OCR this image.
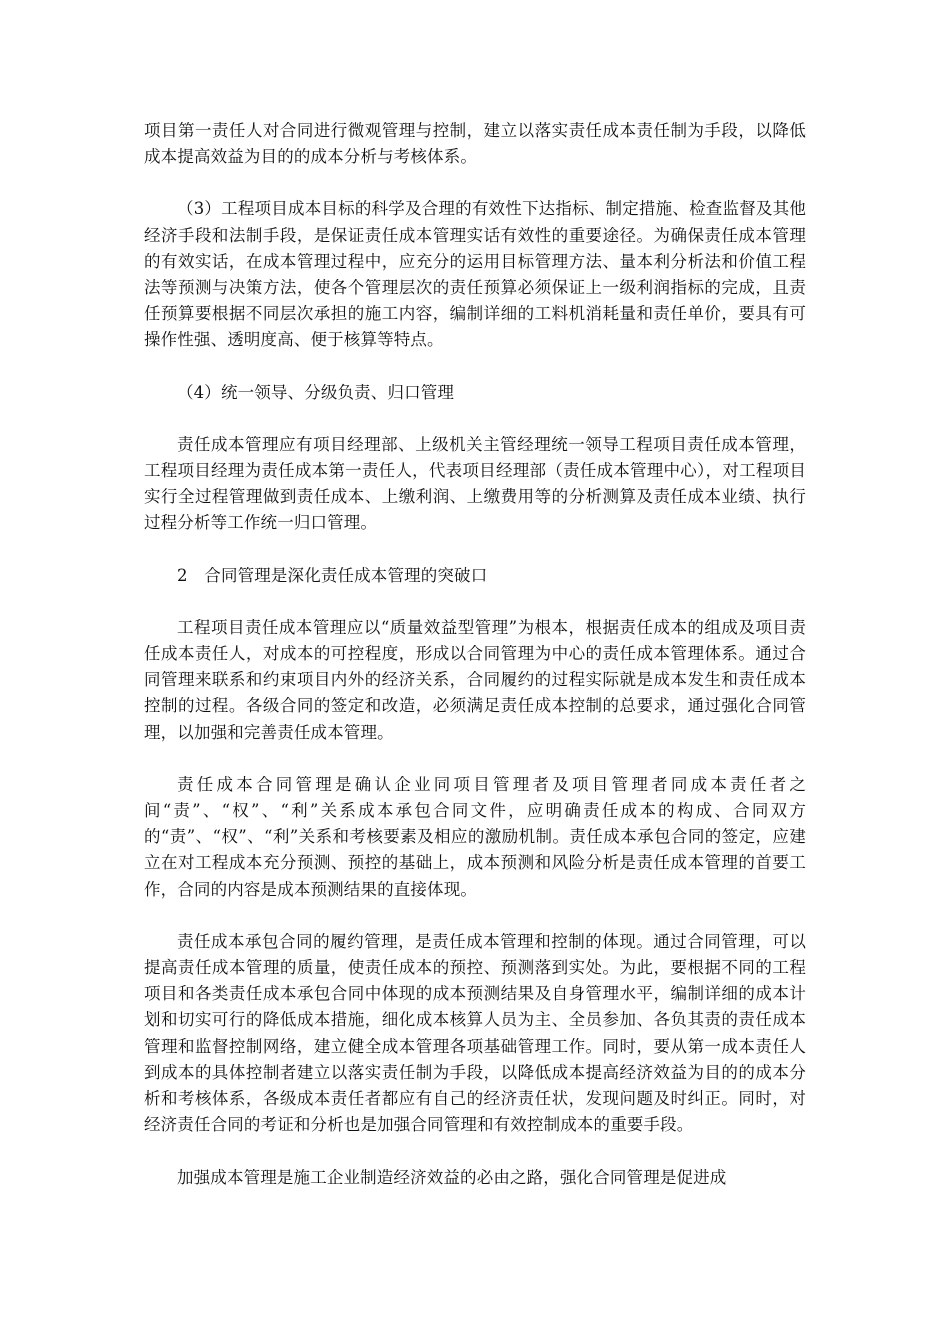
项目第一责任人对合同进行微观管理与控制，建立以落实责任成本责任制为手段，以降低成本提高效益为目的的成本分析与考核体系。

（3）工程项目成本目标的科学及合理的有效性下达指标、制定措施、检查监督及其他经济手段和法制手段，是保证责任成本管理实话有效性的重要途径。为确保责任成本管理的有效实话，在成本管理过程中，应充分的运用目标管理方法、量本利分析法和价值工程法等预测与决策方法，使各个管理层次的责任预算必须保证上一级利润指标的完成，且责任预算要根据不同层次承担的施工内容，编制详细的工料机消耗量和责任单价，要具有可操作性强、透明度高、便于核算等特点。

（4）统一领导、分级负责、归口管理

责任成本管理应有项目经理部、上级机关主管经理统一领导工程项目责任成本管理，工程项目经理为责任成本第一责任人，代表项目经理部（责任成本管理中心），对工程项目实行全过程管理做到责任成本、上缴利润、上缴费用等的分析测算及责任成本业绩、执行过程分析等工作统一归口管理。

2　合同管理是深化责任成本管理的突破口

工程项目责任成本管理应以“质量效益型管理”为根本，根据责任成本的组成及项目责任成本责任人，对成本的可控程度，形成以合同管理为中心的责任成本管理体系。通过合同管理来联系和约束项目内外的经济关系，合同履约的过程实际就是成本发生和责任成本控制的过程。各级合同的签定和改造，必须满足责任成本控制的总要求，通过强化合同管理，以加强和完善责任成本管理。

责任成本合同管理是确认企业同项目管理者及项目管理者同成本责任者之间“责”、“权”、“利”关系成本承包合同文件，应明确责任成本的构成、合同双方的“责”、“权”、“利”关系和考核要素及相应的激励机制。责任成本承包合同的签定，应建立在对工程成本充分预测、预控的基础上，成本预测和风险分析是责任成本管理的首要工作，合同的内容是成本预测结果的直接体现。

责任成本承包合同的履约管理，是责任成本管理和控制的体现。通过合同管理，可以提高责任成本管理的质量，使责任成本的预控、预测落到实处。为此，要根据不同的工程项目和各类责任成本承包合同中体现的成本预测结果及自身管理水平，编制详细的成本计划和切实可行的降低成本措施，细化成本核算人员为主、全员参加、各负其责的责任成本管理和监督控制网络，建立健全成本管理各项基础管理工作。同时，要从第一成本责任人到成本的具体控制者建立以落实责任制为手段，以降低成本提高经济效益为目的的成本分析和考核体系，各级成本责任者都应有自己的经济责任状，发现问题及时纠正。同时，对经济责任合同的考证和分析也是加强合同管理和有效控制成本的重要手段。

加强成本管理是施工企业制造经济效益的必由之路，强化合同管理是促进成
